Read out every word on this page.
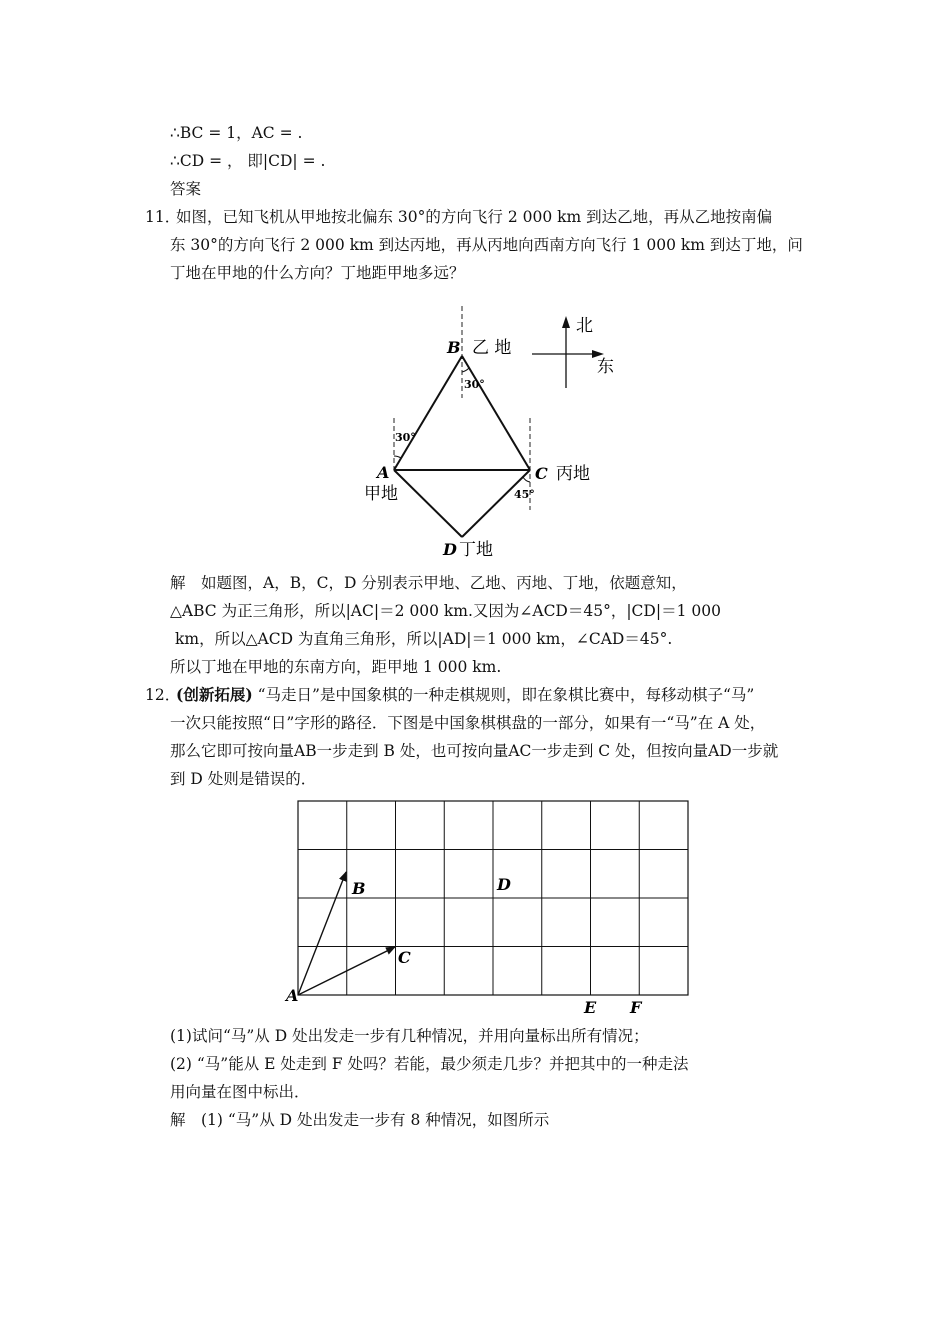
∴BC = 1，AC = .
∴CD = ， 即|CD| = .
答案
11．
如图，已知飞机从甲地按北偏东 30°的方向飞行 2 000 km 到达乙地，再从乙地按南偏
东 30°的方向飞行 2 000 km 到达丙地，再从丙地向西南方向飞行 1 000 km 到达丁地，问
丁地在甲地的什么方向？丁地距甲地多远？
B 乙 地
30°
30°
A
甲地
C 丙地
45°
D 丁地
北
东
解　如题图，A，B，C，D 分别表示甲地、乙地、丙地、丁地，依题意知，
△ABC 为正三角形，所以|AC|＝2 000 km.又因为∠ACD＝45°，|CD|＝1 000
km，所以△ACD 为直角三角形，所以|AD|＝1 000 km，∠CAD＝45°.
所以丁地在甲地的东南方向，距甲地 1 000 km.
12．
(创新拓展) “马走日”是中国象棋的一种走棋规则，即在象棋比赛中，每移动棋子“马”
一次只能按照“日”字形的路径．下图是中国象棋棋盘的一部分，如果有一“马”在 A 处，
那么它即可按向量AB一步走到 B 处，也可按向量AC一步走到 C 处，但按向量AD一步就
到 D 处则是错误的．
A
B
C
D
E F
(1)试问“马”从 D 处出发走一步有几种情况，并用向量标出所有情况；
(2) “马”能从 E 处走到 F 处吗？若能，最少须走几步？并把其中的一种走法
用向量在图中标出．
解　(1) “马”从 D 处出发走一步有 8 种情况，如图所示
